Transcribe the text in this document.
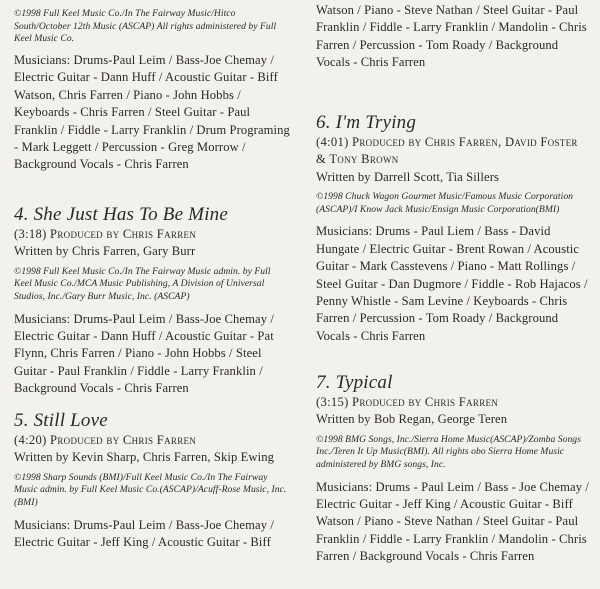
©1998 Full Keel Music Co./In The Fairway Music/Hitco South/October 12th Music (ASCAP) All rights administered by Full Keel Music Co.
Musicians: Drums-Paul Leim / Bass-Joe Chemay / Electric Guitar - Dann Huff / Acoustic Guitar - Biff Watson, Chris Farren / Piano - John Hobbs / Keyboards - Chris Farren / Steel Guitar - Paul Franklin / Fiddle - Larry Franklin / Drum Programing - Mark Leggett / Percussion - Greg Morrow / Background Vocals - Chris Farren
4. She Just Has To Be Mine
(3:18) Produced by Chris Farren
Written by Chris Farren, Gary Burr
©1998 Full Keel Music Co./In The Fairway Music admin. by Full Keel Music Co./MCA Music Publishing, A Division of Universal Studios, Inc./Gary Burr Music, Inc. (ASCAP)
Musicians: Drums-Paul Leim / Bass-Joe Chemay / Electric Guitar - Dann Huff / Acoustic Guitar - Pat Flynn, Chris Farren / Piano - John Hobbs / Steel Guitar - Paul Franklin / Fiddle - Larry Franklin / Background Vocals - Chris Farren
5. Still Love
(4:20) Produced by Chris Farren
Written by Kevin Sharp, Chris Farren, Skip Ewing
©1998 Sharp Sounds (BMI)/Full Keel Music Co./In The Fairway Music admin. by Full Keel Music Co.(ASCAP)/Acuff-Rose Music, Inc. (BMI)
Musicians: Drums-Paul Leim / Bass-Joe Chemay / Electric Guitar - Jeff King / Acoustic Guitar - Biff
Watson / Piano - Steve Nathan / Steel Guitar - Paul Franklin / Fiddle - Larry Franklin / Mandolin - Chris Farren / Percussion - Tom Roady / Background Vocals - Chris Farren
6. I'm Trying
(4:01) Produced by Chris Farren, David Foster & Tony Brown
Written by Darrell Scott, Tia Sillers
©1998 Chuck Wagon Gourmet Music/Famous Music Corporation (ASCAP)/I Know Jack Music/Ensign Music Corporation(BMI)
Musicians: Drums - Paul Liem / Bass - David Hungate / Electric Guitar - Brent Rowan / Acoustic Guitar - Mark Casstevens / Piano - Matt Rollings / Steel Guitar - Dan Dugmore / Fiddle - Rob Hajacos / Penny Whistle - Sam Levine / Keyboards - Chris Farren / Percussion - Tom Roady / Background Vocals - Chris Farren
7. Typical
(3:15) Produced by Chris Farren
Written by Bob Regan, George Teren
©1998 BMG Songs, Inc./Sierra Home Music(ASCAP)/Zomba Songs Inc./Teren It Up Music(BMI). All rights obo Sierra Home Music administered by BMG songs, Inc.
Musicians: Drums - Paul Leim / Bass - Joe Chemay / Electric Guitar - Jeff King / Acoustic Guitar - Biff Watson / Piano - Steve Nathan / Steel Guitar - Paul Franklin / Fiddle - Larry Franklin / Mandolin - Chris Farren / Background Vocals - Chris Farren
